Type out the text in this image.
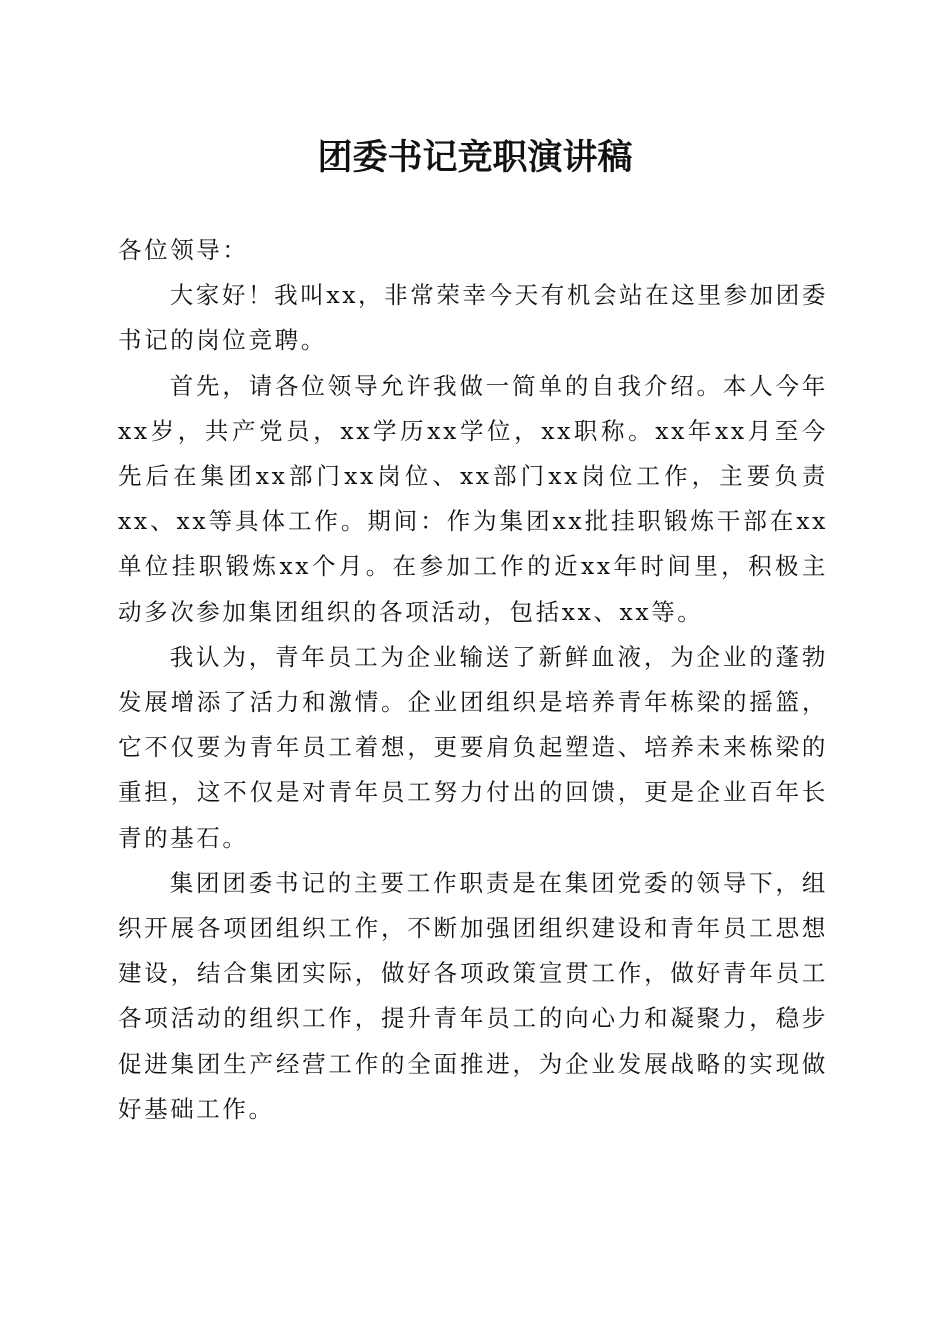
团委书记竞职演讲稿

各位领导：

大家好！我叫xx，非常荣幸今天有机会站在这里参加团委书记的岗位竞聘。

首先，请各位领导允许我做一简单的自我介绍。本人今年xx岁，共产党员，xx学历xx学位，xx职称。xx年xx月至今先后在集团xx部门xx岗位、xx部门xx岗位工作，主要负责xx、xx等具体工作。期间：作为集团xx批挂职锻炼干部在xx单位挂职锻炼xx个月。在参加工作的近xx年时间里，积极主动多次参加集团组织的各项活动，包括xx、xx等。

我认为，青年员工为企业输送了新鲜血液，为企业的蓬勃发展增添了活力和激情。企业团组织是培养青年栋梁的摇篮，它不仅要为青年员工着想，更要肩负起塑造、培养未来栋梁的重担，这不仅是对青年员工努力付出的回馈，更是企业百年长青的基石。

集团团委书记的主要工作职责是在集团党委的领导下，组织开展各项团组织工作，不断加强团组织建设和青年员工思想建设，结合集团实际，做好各项政策宣贯工作，做好青年员工各项活动的组织工作，提升青年员工的向心力和凝聚力，稳步促进集团生产经营工作的全面推进，为企业发展战略的实现做好基础工作。
